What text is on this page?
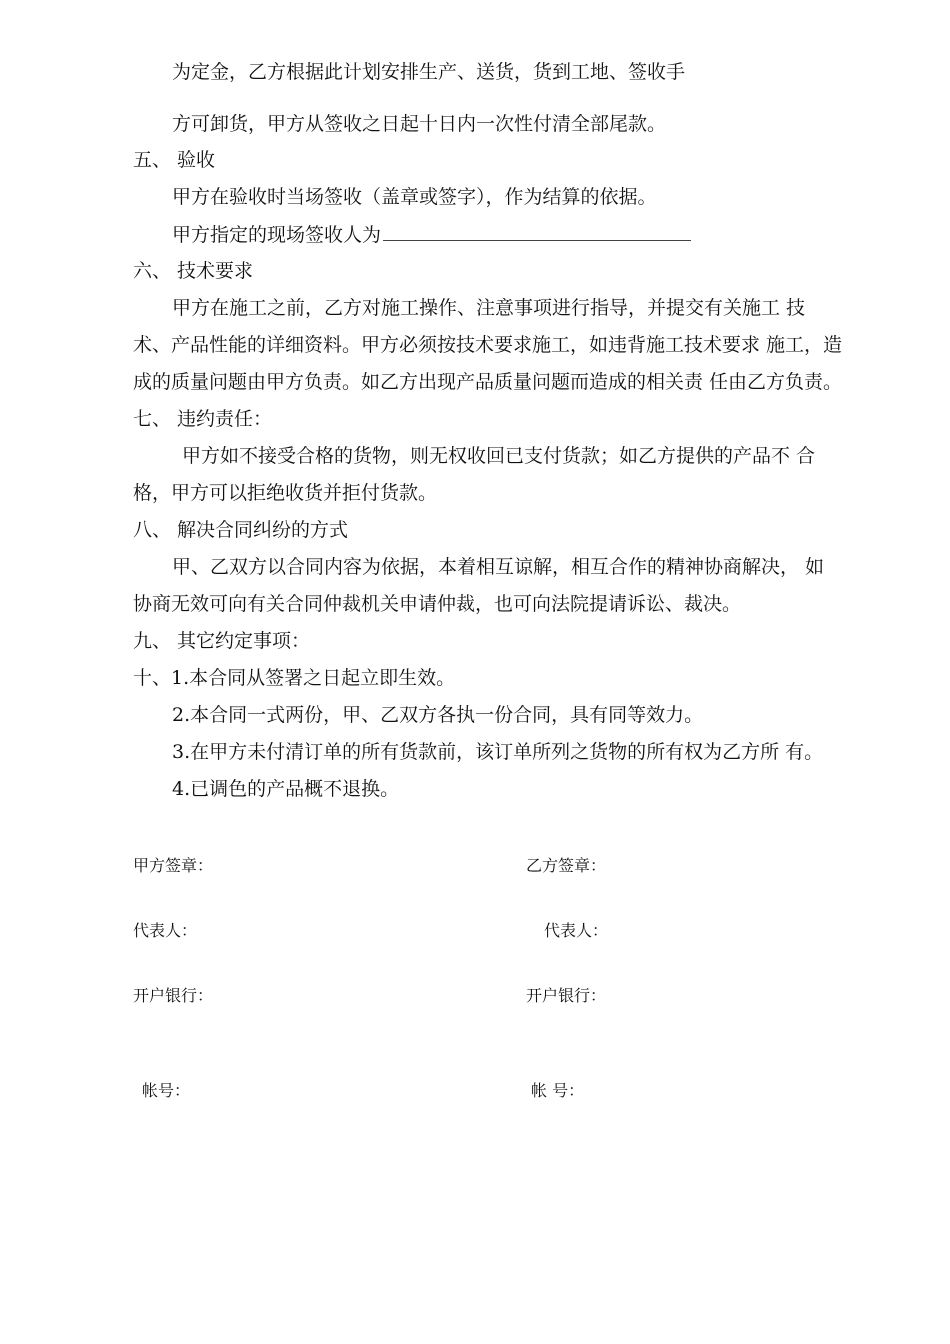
为定金，乙方根据此计划安排生产、送货，货到工地、签收手
方可卸货，甲方从签收之日起十日内一次性付清全部尾款。
五、 验收
甲方在验收时当场签收（盖章或签字），作为结算的依据。
甲方指定的现场签收人为
六、 技术要求
甲方在施工之前，乙方对施工操作、注意事项进行指导，并提交有关施工 技
术、产品性能的详细资料。甲方必须按技术要求施工，如违背施工技术要求 施工，造
成的质量问题由甲方负责。如乙方出现产品质量问题而造成的相关责 任由乙方负责。
七、 违约责任：
甲方如不接受合格的货物，则无权收回已支付货款；如乙方提供的产品不 合
格，甲方可以拒绝收货并拒付货款。
八、 解决合同纠纷的方式
甲、乙双方以合同内容为依据，本着相互谅解，相互合作的精神协商解决， 如
协商无效可向有关合同仲裁机关申请仲裁，也可向法院提请诉讼、裁决。
九、 其它约定事项：
十、1.本合同从签署之日起立即生效。
2.本合同一式两份，甲、乙双方各执一份合同，具有同等效力。
3.在甲方未付清订单的所有货款前，该订单所列之货物的所有权为乙方所 有。
4.已调色的产品概不退换。
甲方签章：	乙方签章：
代表人：	代表人：
开户银行：	开户银行：
帐号：	帐 号：
